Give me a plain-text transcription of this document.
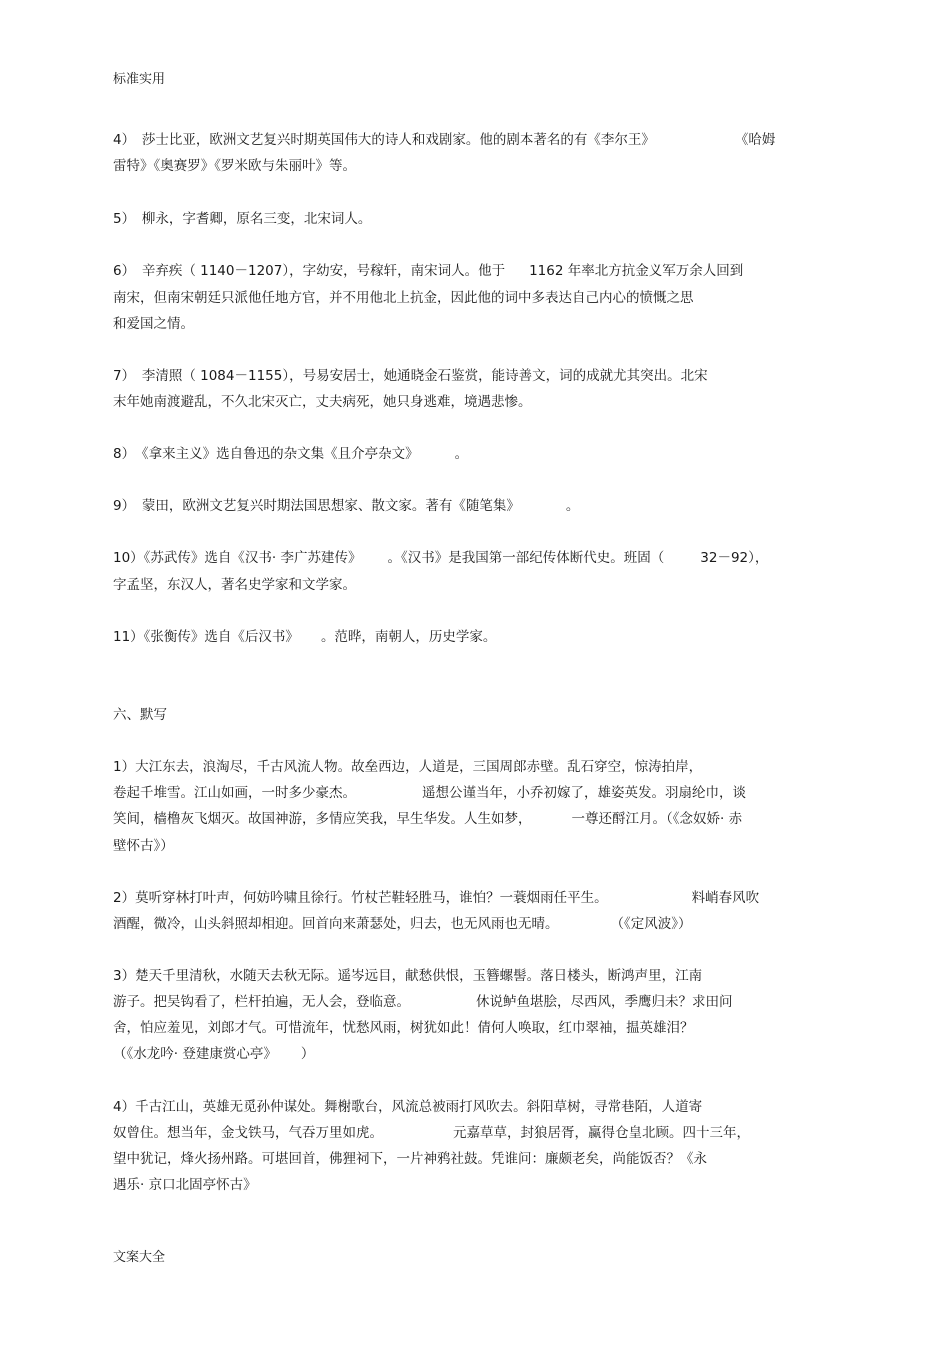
标准实用
4）　莎士比亚，欧洲文艺复兴时期英国伟大的诗人和戏剧家。他的剧本著名的有《李尔王》	《哈姆
雷特》《奥赛罗》《罗米欧与朱丽叶》等。
5）　柳永，字耆卿，原名三变，北宋词人。
6）　辛弃疾（ 1140－1207），字幼安，号稼轩，南宋词人。他于 1162 年率北方抗金义军万余人回到
南宋，但南宋朝廷只派他任地方官，并不用他北上抗金，因此他的词中多表达自己内心的愤慨之思
和爱国之情。
7）　李清照（ 1084－1155），号易安居士，她通晓金石鉴赏，能诗善文，词的成就尤其突出。北宋
末年她南渡避乱，不久北宋灭亡，丈夫病死，她只身逃难，境遇悲惨。
8）　《拿来主义》选自鲁迅的杂文集《且介亭杂文》	。
9）　蒙田，欧洲文艺复兴时期法国思想家、散文家。著有《随笔集》	。
10）《苏武传》选自《汉书· 李广苏建传》 。《汉书》是我国第一部纪传体断代史。班固（	32－92），
字孟坚，东汉人，著名史学家和文学家。
11）《张衡传》选自《后汉书》 。范晔，南朝人，历史学家。
六、默写
1）大江东去，浪淘尽，千古风流人物。故垒西边，人道是，三国周郎赤壁。乱石穿空，惊涛拍岸，
卷起千堆雪。江山如画，一时多少豪杰。	遥想公谨当年，小乔初嫁了，雄姿英发。羽扇纶巾，谈
笑间，樯橹灰飞烟灭。故国神游，多情应笑我，早生华发。人生如梦，	一尊还酹江月。（《念奴娇· 赤
壁怀古》）
2）莫听穿林打叶声，何妨吟啸且徐行。竹杖芒鞋轻胜马，谁怕？一蓑烟雨任平生。	料峭春风吹
酒醒，微冷，山头斜照却相迎。回首向来萧瑟处，归去，也无风雨也无晴。	（《定风波》）
3）楚天千里清秋，水随天去秋无际。遥岑远目，献愁供恨，玉簪螺髻。落日楼头，断鸿声里，江南
游子。把吴钩看了，栏杆拍遍，无人会，登临意。	休说鲈鱼堪脍，尽西风，季鹰归未？求田问
舍，怕应羞见，刘郎才气。可惜流年，忧愁风雨，树犹如此！倩何人唤取，红巾翠袖，揾英雄泪？
（《水龙吟· 登建康赏心亭》 ）
4）千古江山，英雄无觅孙仲谋处。舞榭歌台，风流总被雨打风吹去。斜阳草树，寻常巷陌，人道寄
奴曾住。想当年，金戈铁马，气吞万里如虎。	元嘉草草，封狼居胥，赢得仓皇北顾。四十三年，
望中犹记，烽火扬州路。可堪回首，佛狸祠下，一片神鸦社鼓。凭谁问：廉颇老矣，尚能饭否？《永
遇乐· 京口北固亭怀古》
文案大全
